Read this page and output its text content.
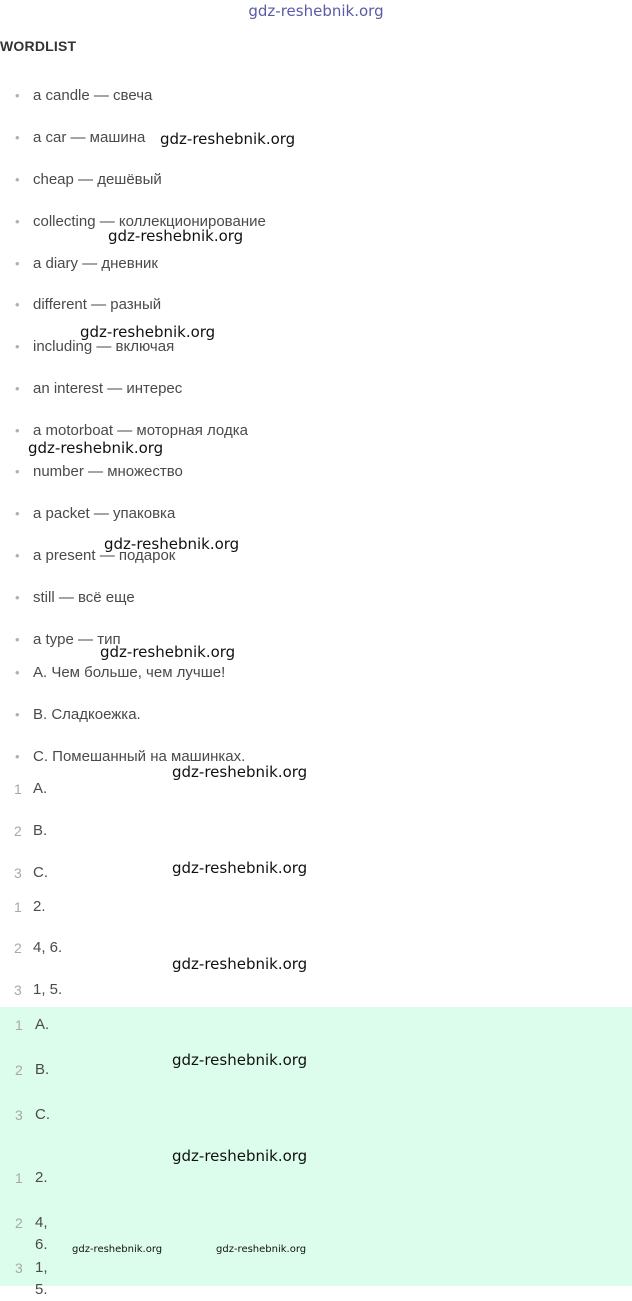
gdz-reshebnik.org
WORDLIST
• a candle — свеча
• a car — машина
• cheap — дешёвый
• collecting — коллекционирование
• a diary — дневник
• different — разный
• including — включая
• an interest — интерес
• a motorboat — моторная лодка
• number — множество
• a packet — упаковка
• a present — подарок
• still — всё еще
• a type — тип
• A. Чем больше, чем лучше!
• B. Сладкоежка.
• C. Помешанный на машинках.
1 A.
2 B.
3 C.
1 2.
2 4, 6.
3 1, 5.
1 A.
2 B.
3 C.
1 2.
2 4, 6.
3 1, 5.
gdz-reshebnik.org
gdz-reshebnik.org
gdz-reshebnik.org
gdz-reshebnik.org
gdz-reshebnik.org
gdz-reshebnik.org
gdz-reshebnik.org
gdz-reshebnik.org
gdz-reshebnik.org
gdz-reshebnik.org
gdz-reshebnik.org
gdz-reshebnik.org	gdz-reshebnik.org
